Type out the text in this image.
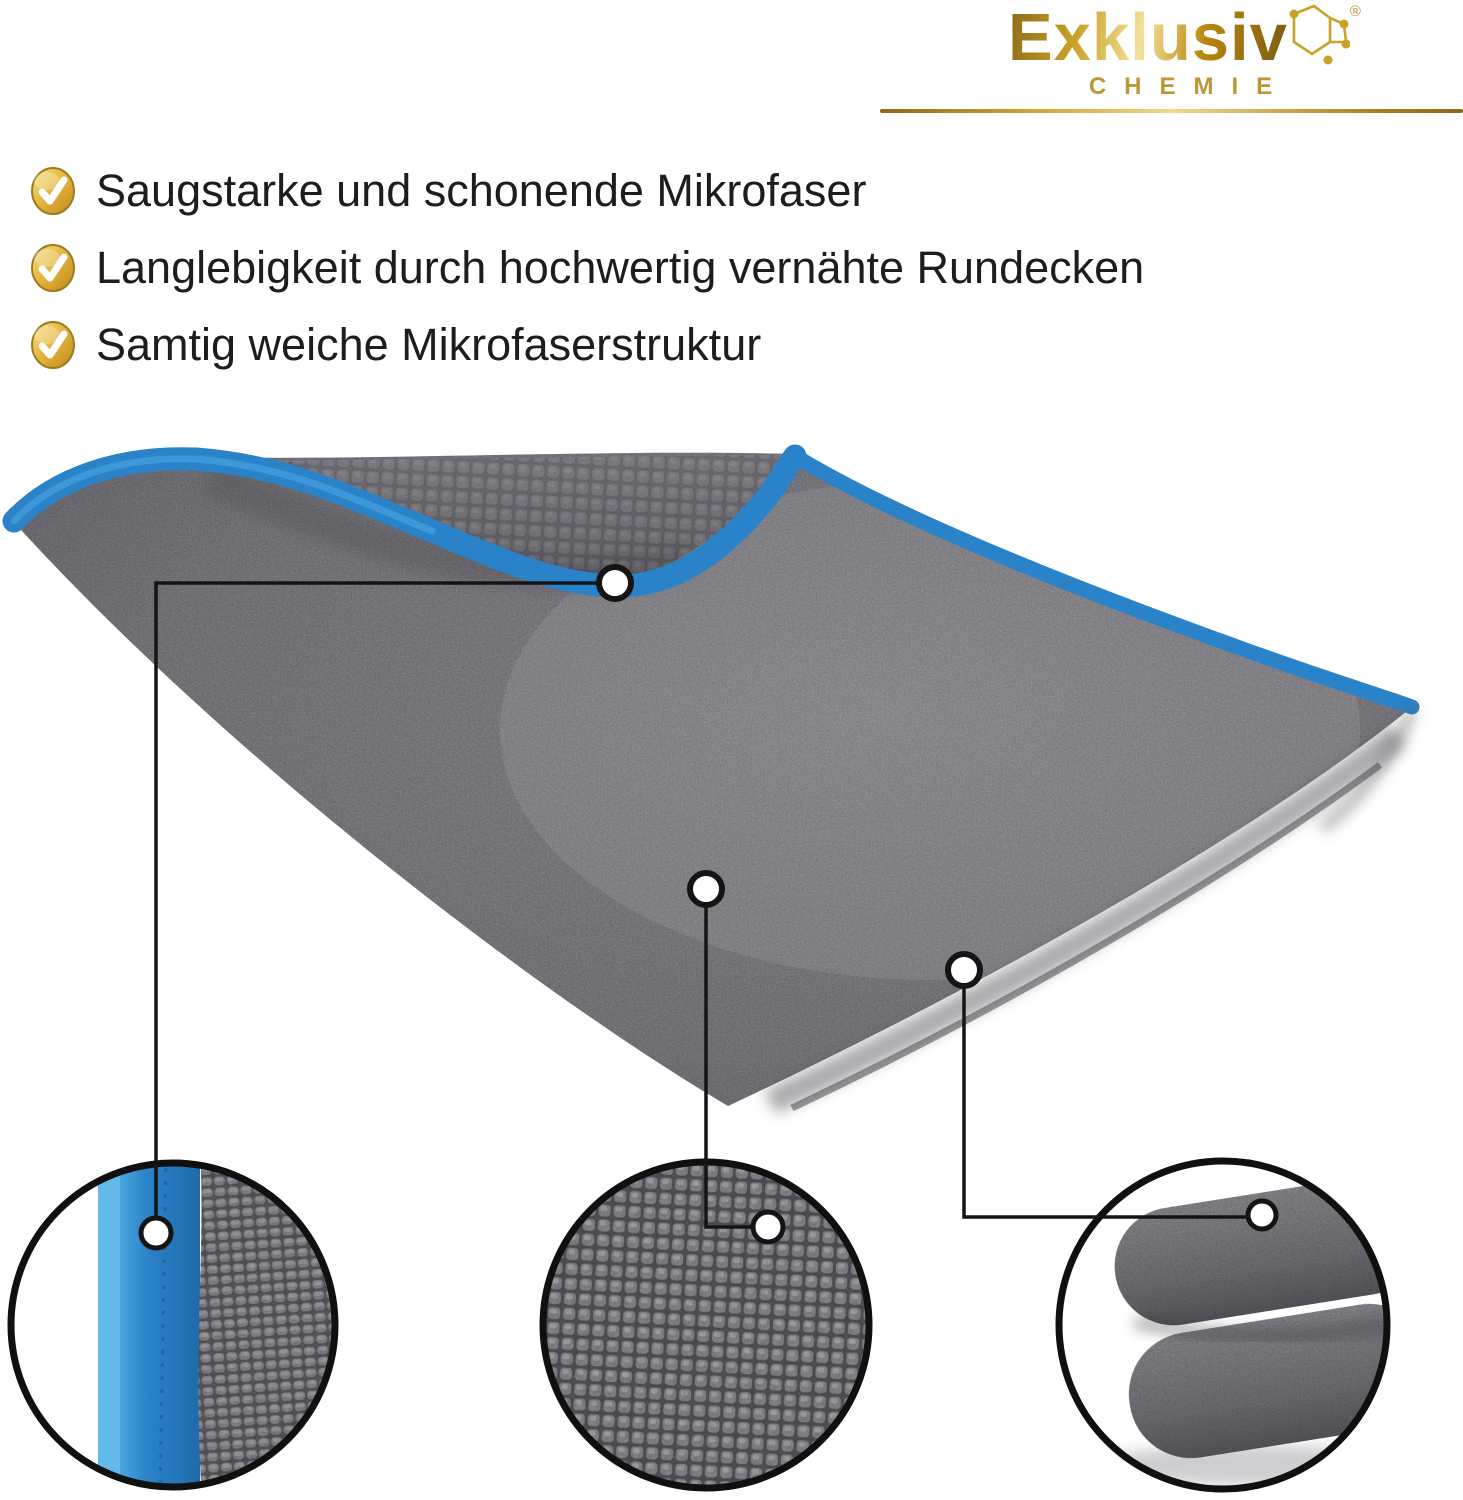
Exklusiv	®
CHEMIE
Saugstarke und schonende Mikrofaser
Langlebigkeit durch hochwertig vernähte Rundecken
Samtig weiche Mikrofaserstruktur
